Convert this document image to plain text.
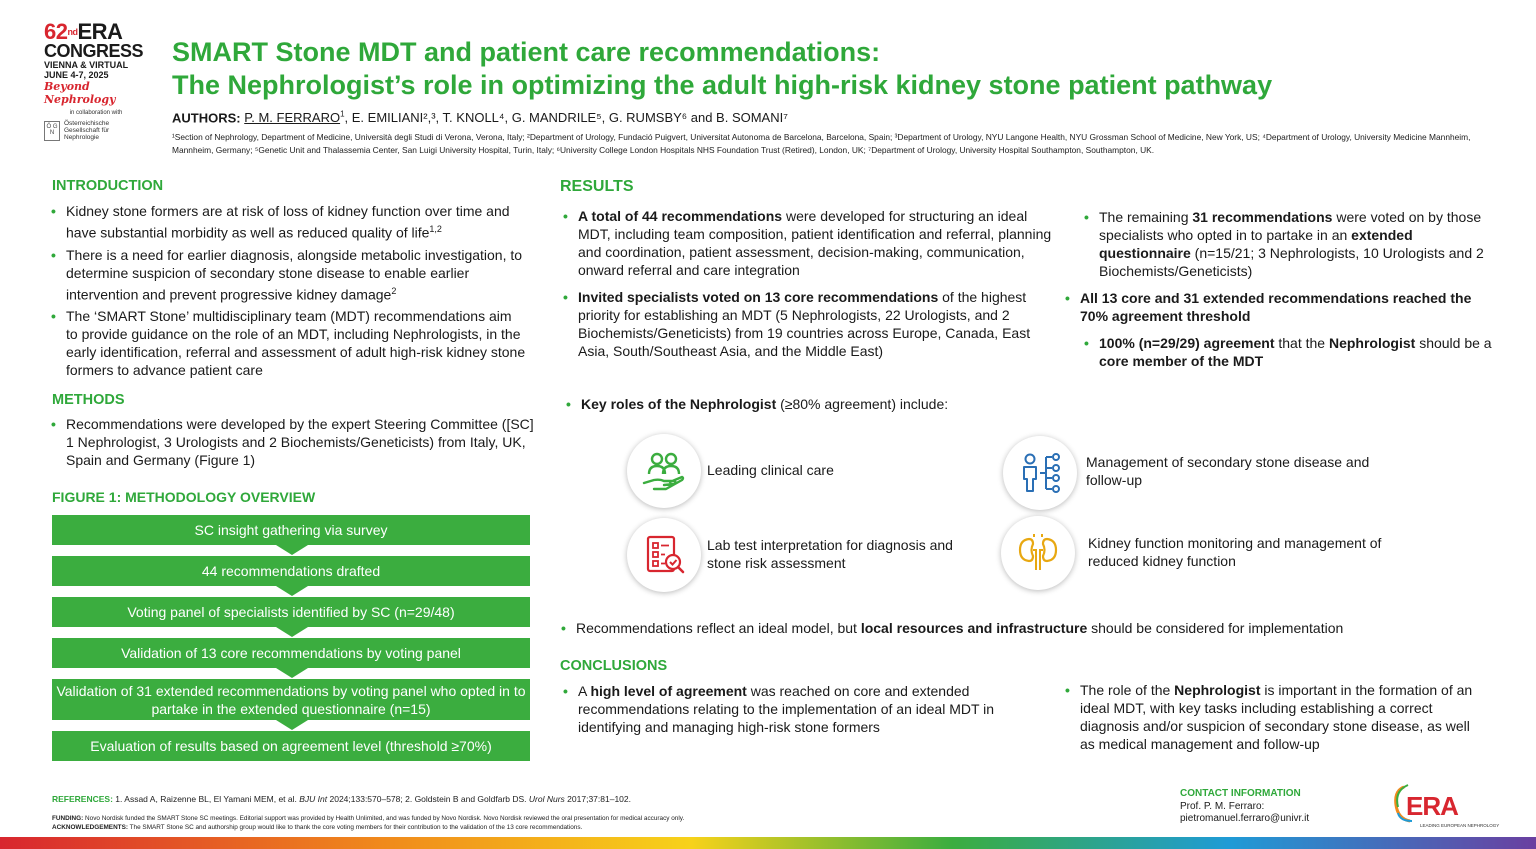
62ndERA
CONGRESS
VIENNA & VIRTUAL
JUNE 4-7, 2025
Beyond Nephrology
in collaboration with
Ö G N
Österreichische Gesellschaft für Nephrologie
SMART Stone MDT and patient care recommendations:
The Nephrologist’s role in optimizing the adult high-risk kidney stone patient pathway
AUTHORS: P. M. FERRARO$^1$, E. EMILIANI²,³, T. KNOLL⁴, G. MANDRILE⁵, G. RUMSBY⁶ and B. SOMANI⁷
¹Section of Nephrology, Department of Medicine, Università degli Studi di Verona, Verona, Italy; ²Department of Urology, Fundació Puigvert, Universitat Autonoma de Barcelona, Barcelona, Spain; ³Department of Urology, NYU Langone Health, NYU Grossman School of Medicine, New York, US; ⁴Department of Urology, University Medicine Mannheim, Mannheim, Germany; ⁵Genetic Unit and Thalassemia Center, San Luigi University Hospital, Turin, Italy; ⁶University College London Hospitals NHS Foundation Trust (Retired), London, UK; ⁷Department of Urology, University Hospital Southampton, Southampton, UK.
INTRODUCTION
• Kidney stone formers are at risk of loss of kidney function over time and have substantial morbidity as well as reduced quality of life$^{1,2}$
• There is a need for earlier diagnosis, alongside metabolic investigation, to determine suspicion of secondary stone disease to enable earlier intervention and prevent progressive kidney damage$^2$
• The ‘SMART Stone’ multidisciplinary team (MDT) recommendations aim to provide guidance on the role of an MDT, including Nephrologists, in the early identification, referral and assessment of adult high-risk kidney stone formers to advance patient care
METHODS
• Recommendations were developed by the expert Steering Committee ([SC] 1 Nephrologist, 3 Urologists and 2 Biochemists/Geneticists) from Italy, UK, Spain and Germany (Figure 1)
FIGURE 1: METHODOLOGY OVERVIEW
SC insight gathering via survey
44 recommendations drafted
Voting panel of specialists identified by SC (n=29/48)
Validation of 13 core recommendations by voting panel
Validation of 31 extended recommendations by voting panel who opted in to partake in the extended questionnaire (n=15)
Evaluation of results based on agreement level (threshold ≥70%)
RESULTS
• A total of 44 recommendations were developed for structuring an ideal MDT, including team composition, patient identification and referral, planning and coordination, patient assessment, decision-making, communication, onward referral and care integration
• Invited specialists voted on 13 core recommendations of the highest priority for establishing an MDT (5 Nephrologists, 22 Urologists, and 2 Biochemists/Geneticists) from 19 countries across Europe, Canada, East Asia, South/Southeast Asia, and the Middle East)
• The remaining 31 recommendations were voted on by those specialists who opted in to partake in an extended questionnaire (n=15/21; 3 Nephrologists, 10 Urologists and 2 Biochemists/Geneticists)
• All 13 core and 31 extended recommendations reached the 70% agreement threshold
• 100% (n=29/29) agreement that the Nephrologist should be a core member of the MDT
• Key roles of the Nephrologist (≥80% agreement) include:
Leading clinical care	Management of secondary stone disease and follow-up
Lab test interpretation for diagnosis and stone risk assessment
Kidney function monitoring and management of reduced kidney function
• Recommendations reflect an ideal model, but local resources and infrastructure should be considered for implementation
CONCLUSIONS
• A high level of agreement was reached on core and extended recommendations relating to the implementation of an ideal MDT in identifying and managing high-risk stone formers
• The role of the Nephrologist is important in the formation of an ideal MDT, with key tasks including establishing a correct diagnosis and/or suspicion of secondary stone disease, as well as medical management and follow-up
REFERENCES: 1. Assad A, Raizenne BL, El Yamani MEM, et al. BJU Int 2024;133:570–578; 2. Goldstein B and Goldfarb DS. Urol Nurs 2017;37:81–102.
FUNDING: Novo Nordisk funded the SMART Stone SC meetings. Editorial support was provided by Health Unlimited, and was funded by Novo Nordisk. Novo Nordisk reviewed the oral presentation for medical accuracy only.
ACKNOWLEDGEMENTS: The SMART Stone SC and authorship group would like to thank the core voting members for their contribution to the validation of the 13 core recommendations.
CONTACT INFORMATION
Prof. P. M. Ferraro:
pietromanuel.ferraro@univr.it	ERA
LEADING EUROPEAN NEPHROLOGY
